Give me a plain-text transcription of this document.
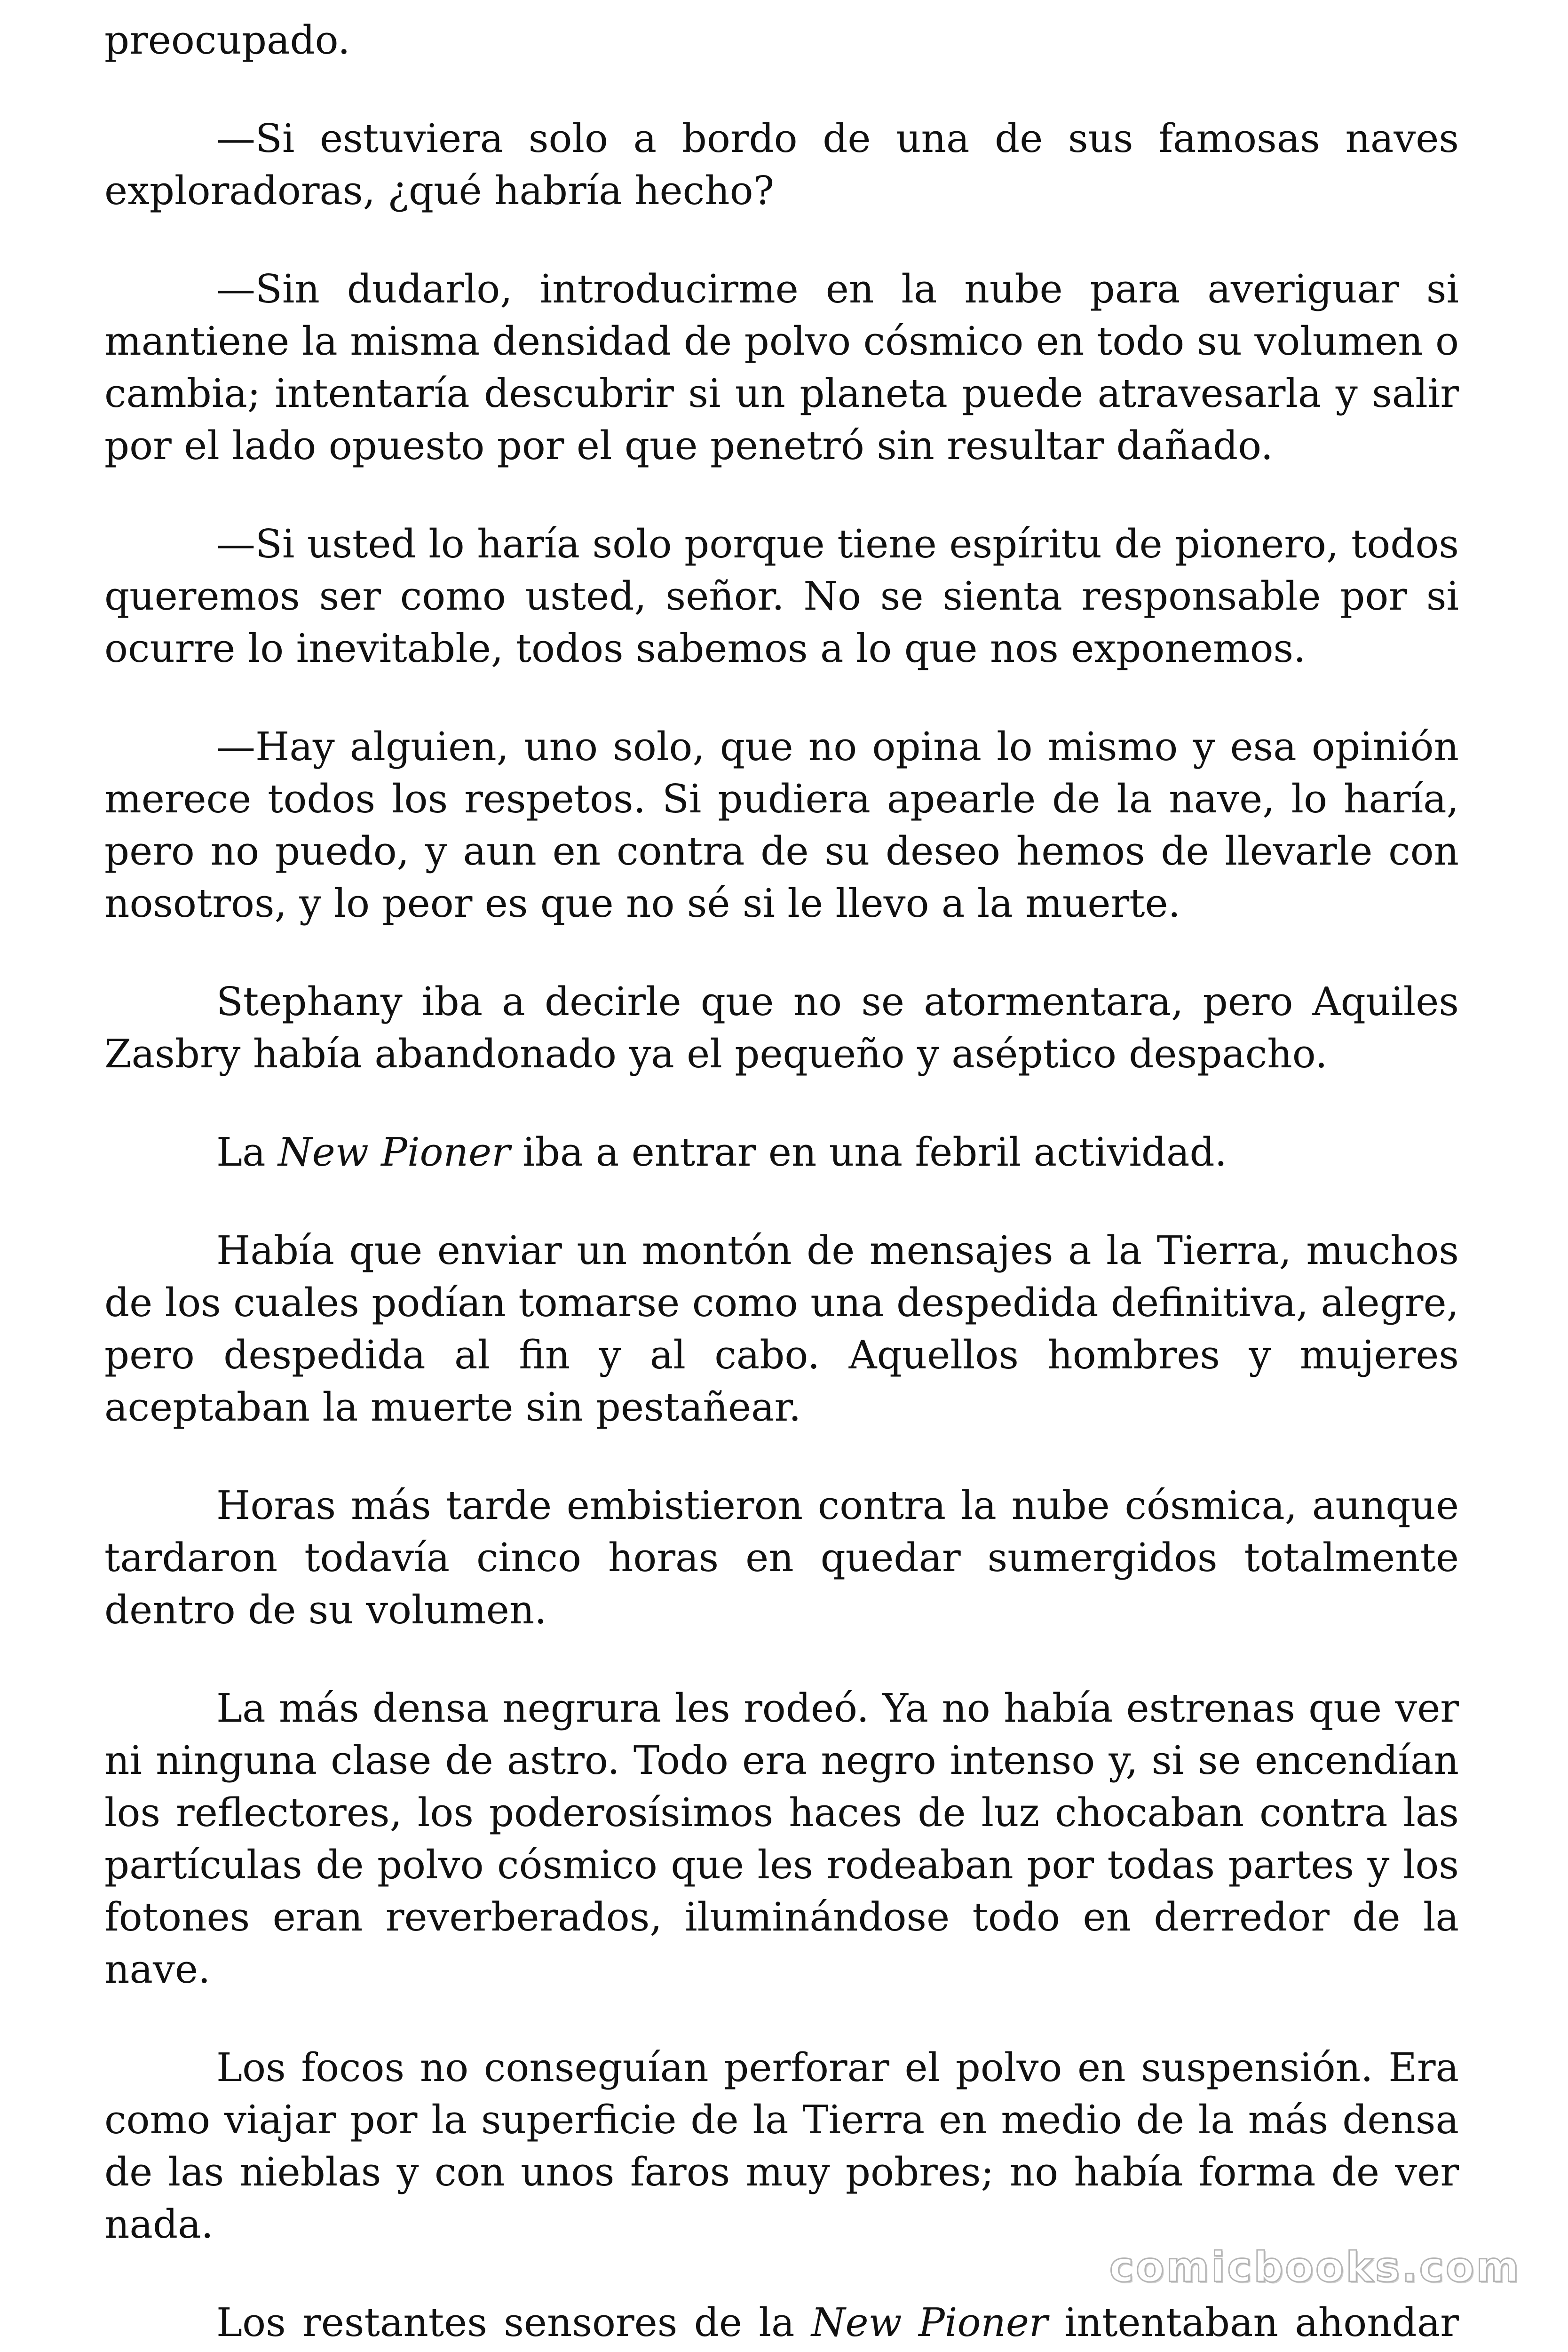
preocupado.

—Si estuviera solo a bordo de una de sus famosas naves exploradoras, ¿qué habría hecho?

—Sin dudarlo, introducirme en la nube para averiguar si mantiene la misma densidad de polvo cósmico en todo su volumen o cambia; intentaría descubrir si un planeta puede atravesarla y salir por el lado opuesto por el que penetró sin resultar dañado.

—Si usted lo haría solo porque tiene espíritu de pionero, todos queremos ser como usted, señor. No se sienta responsable por si ocurre lo inevitable, todos sabemos a lo que nos exponemos.

—Hay alguien, uno solo, que no opina lo mismo y esa opinión merece todos los respetos. Si pudiera apearle de la nave, lo haría, pero no puedo, y aun en contra de su deseo hemos de llevarle con nosotros, y lo peor es que no sé si le llevo a la muerte.

Stephany iba a decirle que no se atormentara, pero Aquiles Zasbry había abandonado ya el pequeño y aséptico despacho.

La New Pioner iba a entrar en una febril actividad.

Había que enviar un montón de mensajes a la Tierra, muchos de los cuales podían tomarse como una despedida definitiva, alegre, pero despedida al fin y al cabo. Aquellos hombres y mujeres aceptaban la muerte sin pestañear.

Horas más tarde embistieron contra la nube cósmica, aunque tardaron todavía cinco horas en quedar sumergidos totalmente dentro de su volumen.

La más densa negrura les rodeó. Ya no había estrenas que ver ni ninguna clase de astro. Todo era negro intenso y, si se encendían los reflectores, los poderosísimos haces de luz chocaban contra las partículas de polvo cósmico que les rodeaban por todas partes y los fotones eran reverberados, iluminándose todo en derredor de la nave.

Los focos no conseguían perforar el polvo en suspensión. Era como viajar por la superficie de la Tierra en medio de la más densa de las nieblas y con unos faros muy pobres; no había forma de ver nada.

Los restantes sensores de la New Pioner intentaban ahondar

comicbooks.com
